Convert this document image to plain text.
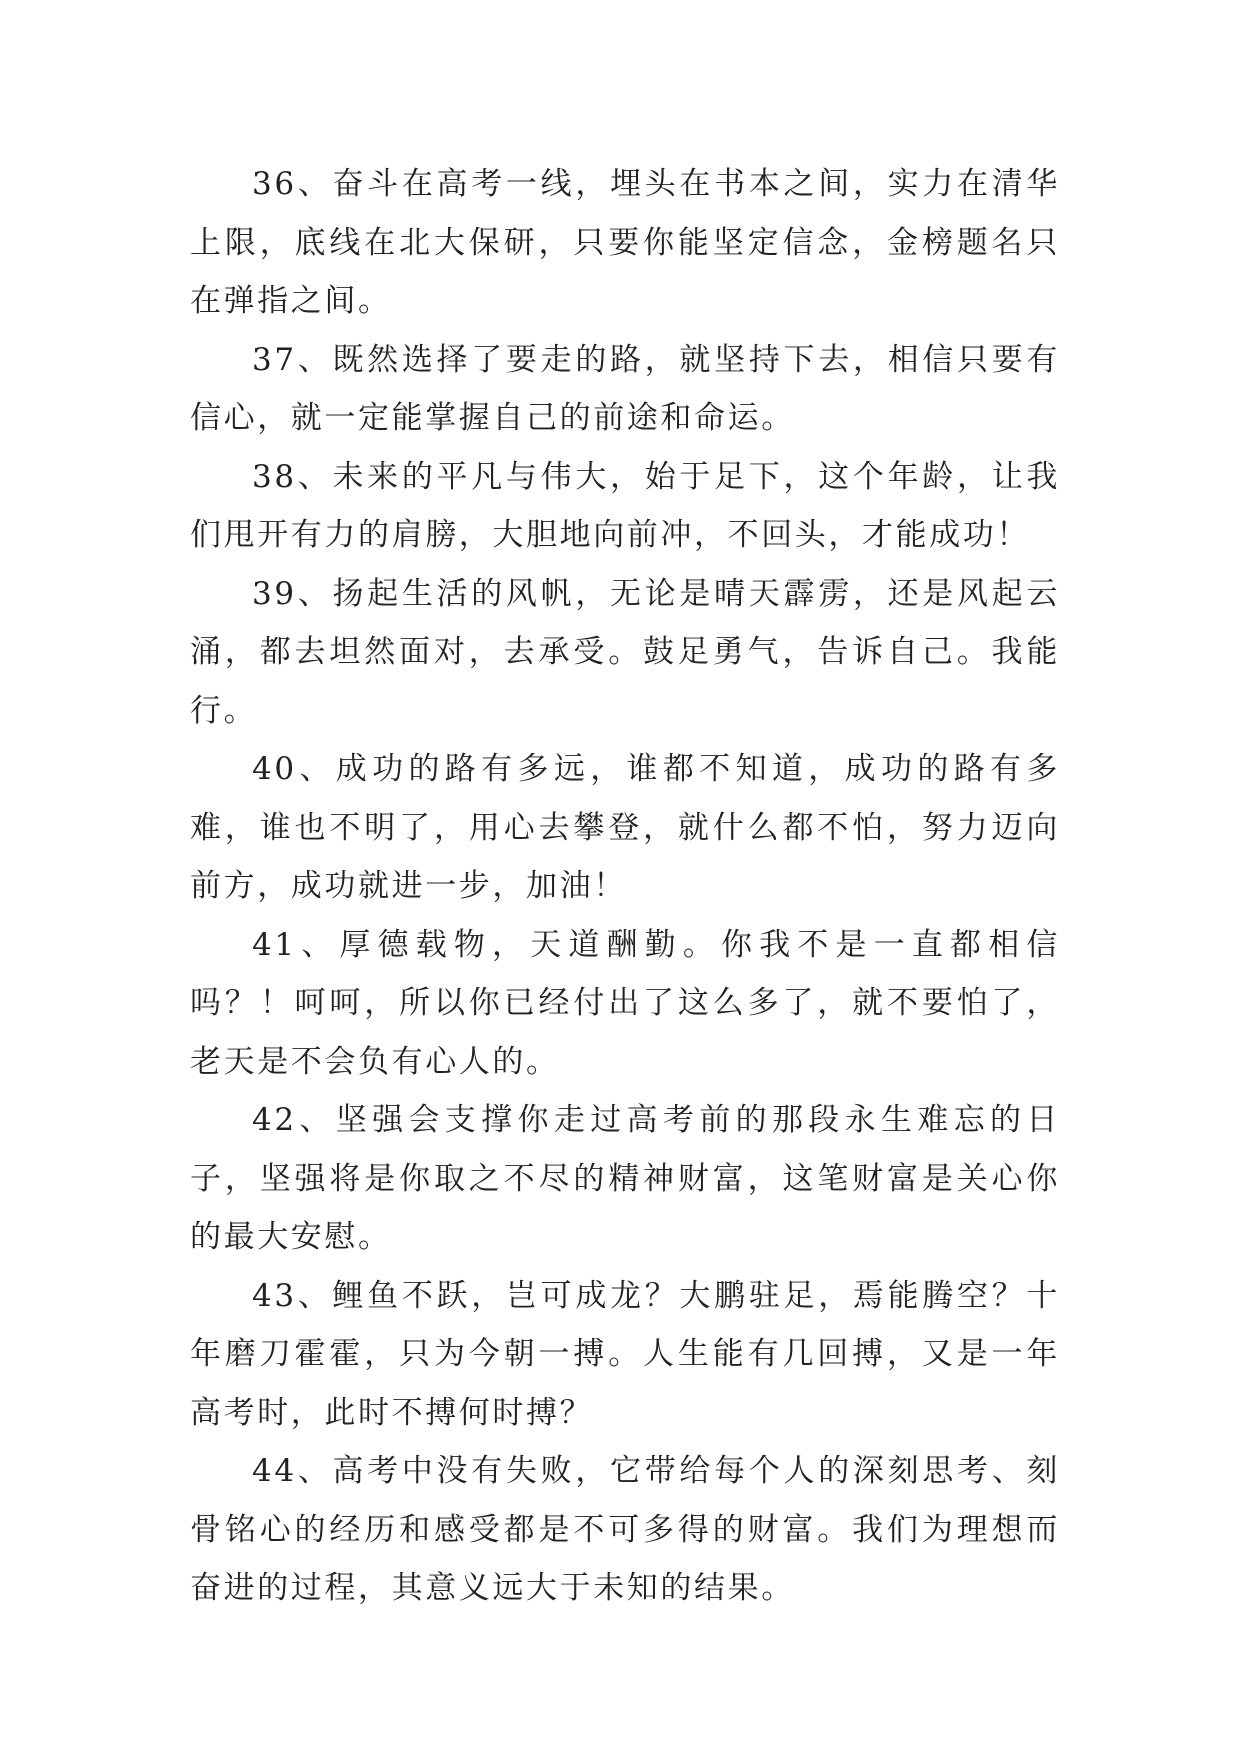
36、奋斗在高考一线，埋头在书本之间，实力在清华上限，底线在北大保研，只要你能坚定信念，金榜题名只在弹指之间。

37、既然选择了要走的路，就坚持下去，相信只要有信心，就一定能掌握自己的前途和命运。

38、未来的平凡与伟大，始于足下，这个年龄，让我们甩开有力的肩膀，大胆地向前冲，不回头，才能成功！

39、扬起生活的风帆，无论是晴天霹雳，还是风起云涌，都去坦然面对，去承受。鼓足勇气，告诉自己。我能行。

40、成功的路有多远，谁都不知道，成功的路有多难，谁也不明了，用心去攀登，就什么都不怕，努力迈向前方，成功就进一步，加油！

41、厚德载物，天道酬勤。你我不是一直都相信吗？！呵呵，所以你已经付出了这么多了，就不要怕了，老天是不会负有心人的。

42、坚强会支撑你走过高考前的那段永生难忘的日子，坚强将是你取之不尽的精神财富，这笔财富是关心你的最大安慰。

43、鲤鱼不跃，岂可成龙？大鹏驻足，焉能腾空？十年磨刀霍霍，只为今朝一搏。人生能有几回搏，又是一年高考时，此时不搏何时搏？

44、高考中没有失败，它带给每个人的深刻思考、刻骨铭心的经历和感受都是不可多得的财富。我们为理想而奋进的过程，其意义远大于未知的结果。
